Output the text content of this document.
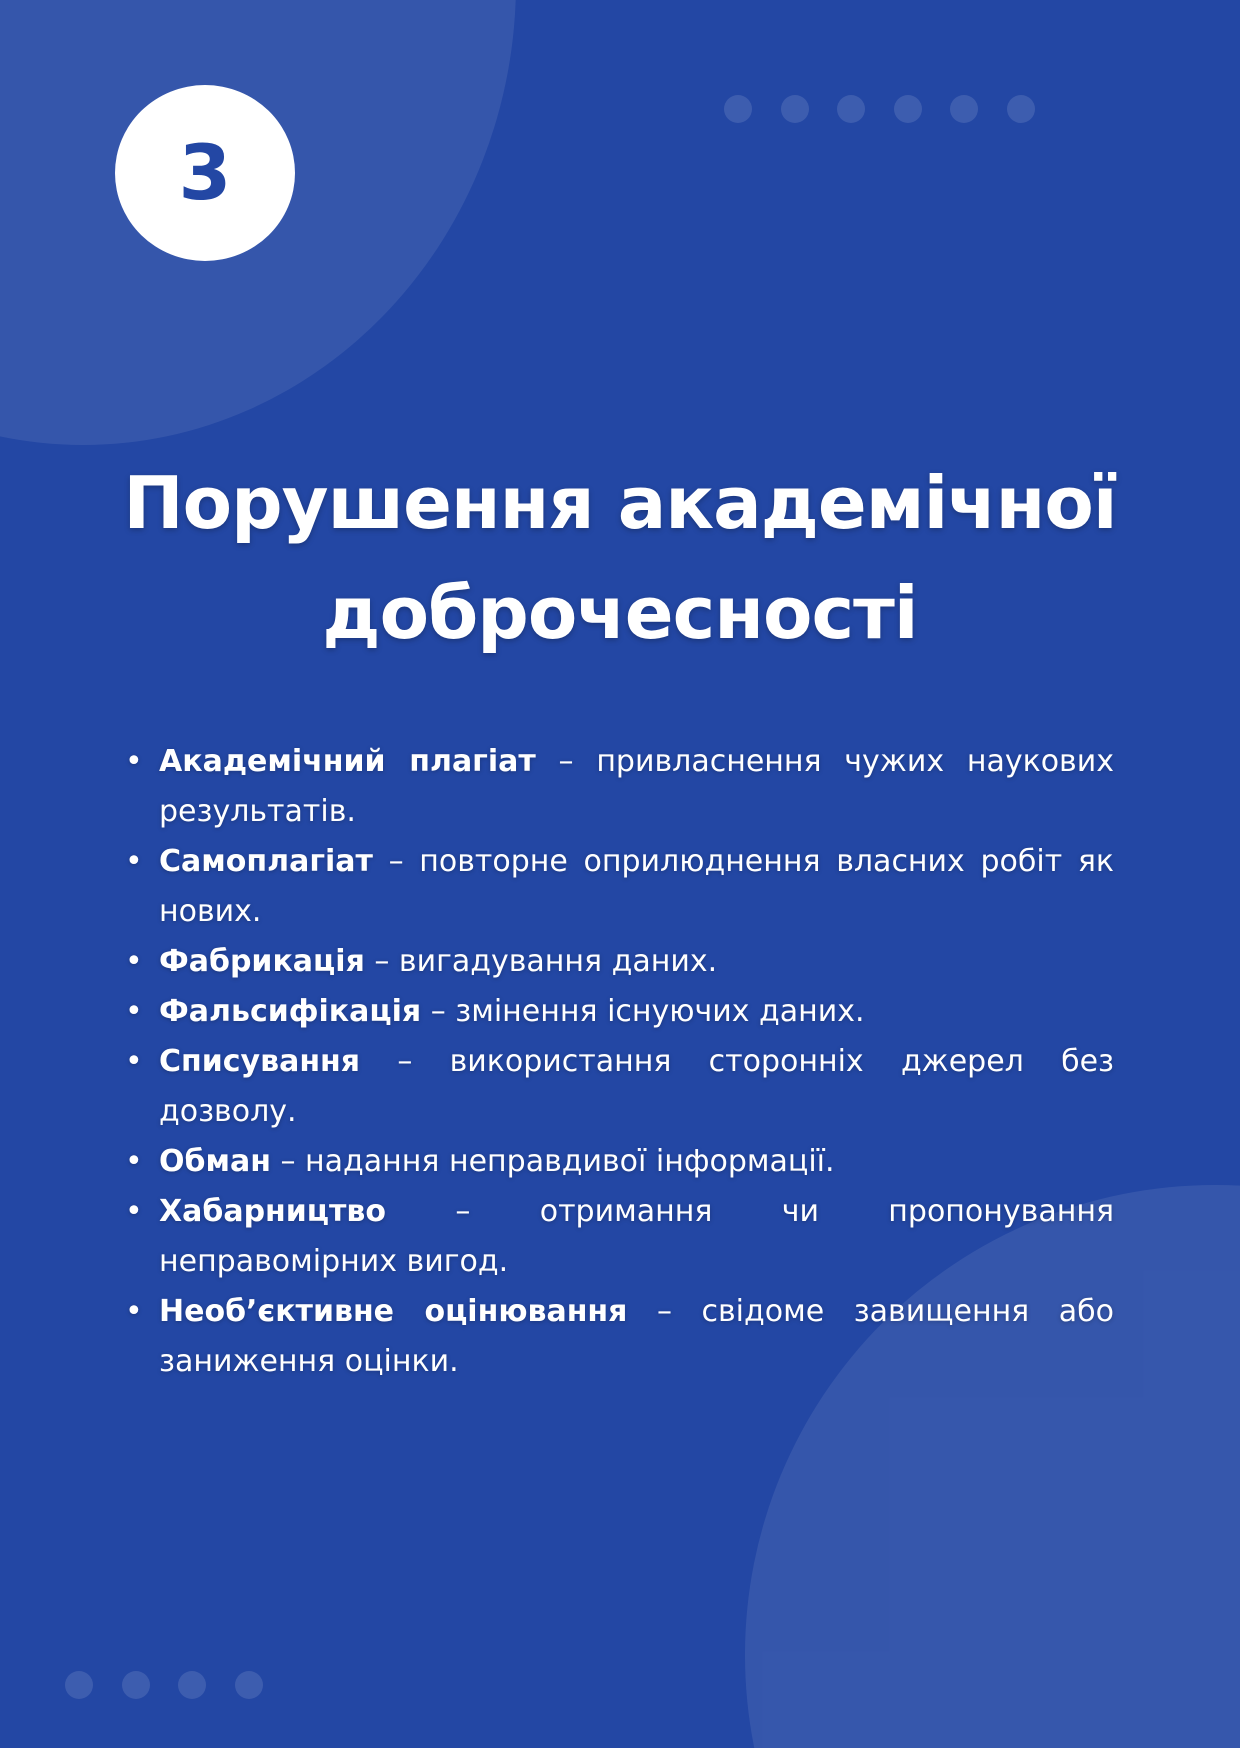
3
Порушення академічної
доброчесності
• Академічний плагіат – привласнення чужих наукових результатів.
• Самоплагіат – повторне оприлюднення власних робіт як нових.
• Фабрикація – вигадування даних.
• Фальсифікація – змінення існуючих даних.
• Списування – використання сторонніх джерел без дозволу.
• Обман – надання неправдивої інформації.
• Хабарництво – отримання чи пропонування неправомірних вигод.
• Необ’єктивне оцінювання – свідоме завищення або заниження оцінки.
